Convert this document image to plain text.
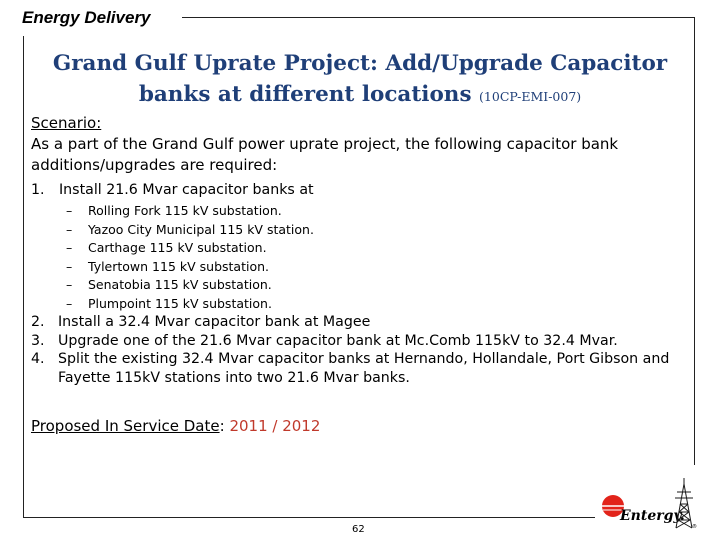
Energy Delivery
Grand Gulf Uprate Project: Add/Upgrade Capacitor
banks at different locations (10CP-EMI-007)
Scenario:
As a part of the Grand Gulf power uprate project, the following capacitor bank additions/upgrades are required:
1. Install 21.6 Mvar capacitor banks at
– Rolling Fork 115 kV substation.
– Yazoo City Municipal 115 kV station.
– Carthage 115 kV substation.
– Tylertown 115 kV substation.
– Senatobia 115 kV substation.
– Plumpoint 115 kV substation.
2. Install a 32.4 Mvar capacitor bank at Magee
3. Upgrade one of the 21.6 Mvar capacitor bank at Mc.Comb 115kV to 32.4 Mvar.
4. Split the existing 32.4 Mvar capacitor banks at Hernando, Hollandale, Port Gibson and Fayette 115kV stations into two 21.6 Mvar banks.
Proposed In Service Date: 2011 / 2012
62
Entergy.
®
